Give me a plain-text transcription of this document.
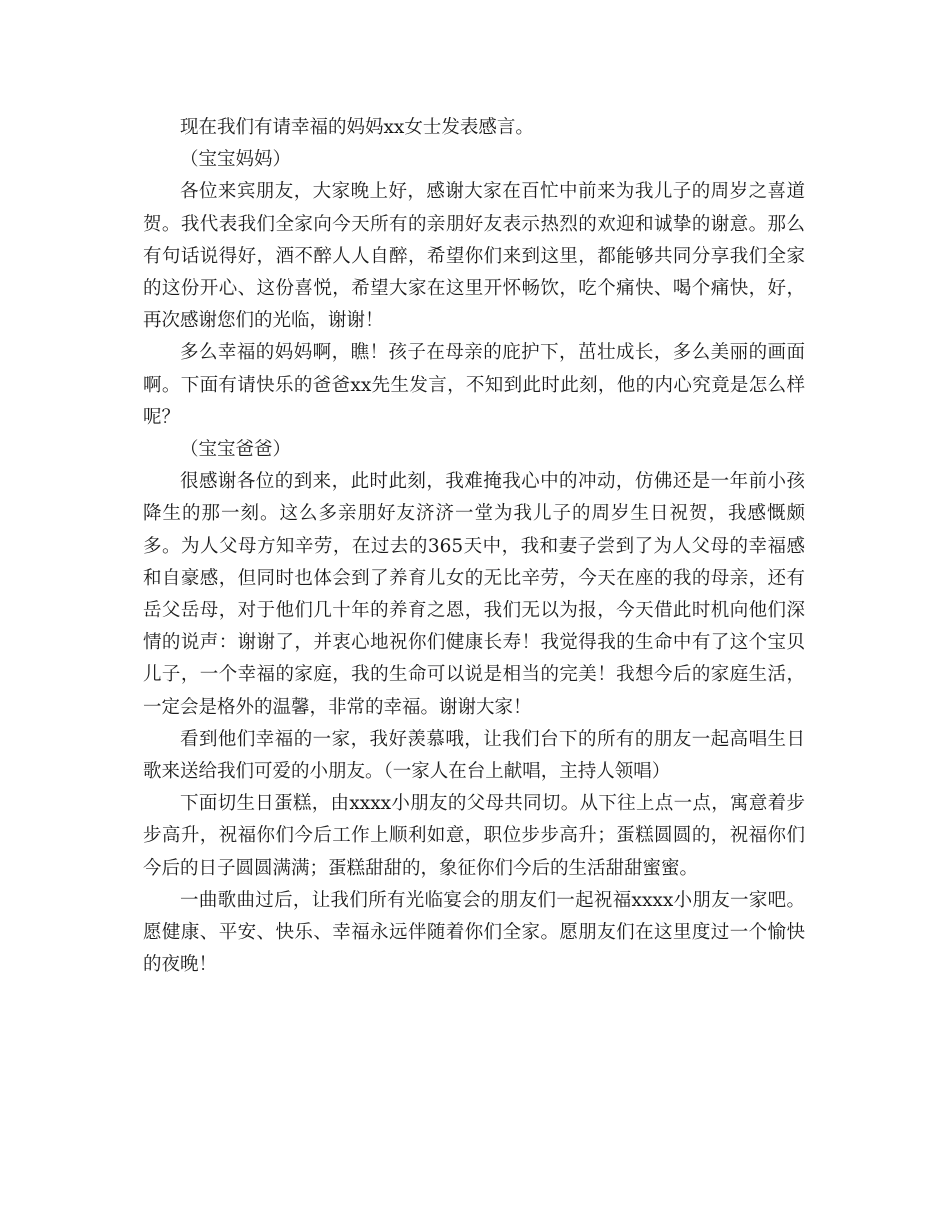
现在我们有请幸福的妈妈xx女士发表感言。

（宝宝妈妈）

各位来宾朋友，大家晚上好，感谢大家在百忙中前来为我儿子的周岁之喜道贺。我代表我们全家向今天所有的亲朋好友表示热烈的欢迎和诚挚的谢意。那么有句话说得好，酒不醉人人自醉，希望你们来到这里，都能够共同分享我们全家的这份开心、这份喜悦，希望大家在这里开怀畅饮，吃个痛快、喝个痛快，好，再次感谢您们的光临，谢谢！

多么幸福的妈妈啊，瞧！孩子在母亲的庇护下，茁壮成长，多么美丽的画面啊。下面有请快乐的爸爸xx先生发言，不知到此时此刻，他的内心究竟是怎么样呢？

（宝宝爸爸）

很感谢各位的到来，此时此刻，我难掩我心中的冲动，仿佛还是一年前小孩降生的那一刻。这么多亲朋好友济济一堂为我儿子的周岁生日祝贺，我感慨颇多。为人父母方知辛劳，在过去的365天中，我和妻子尝到了为人父母的幸福感和自豪感，但同时也体会到了养育儿女的无比辛劳，今天在座的我的母亲，还有岳父岳母，对于他们几十年的养育之恩，我们无以为报，今天借此时机向他们深情的说声：谢谢了，并衷心地祝你们健康长寿！我觉得我的生命中有了这个宝贝儿子，一个幸福的家庭，我的生命可以说是相当的完美！我想今后的家庭生活，一定会是格外的温馨，非常的幸福。谢谢大家！

看到他们幸福的一家，我好羡慕哦，让我们台下的所有的朋友一起高唱生日歌来送给我们可爱的小朋友。（一家人在台上献唱，主持人领唱）

下面切生日蛋糕，由xxxx小朋友的父母共同切。从下往上点一点，寓意着步步高升，祝福你们今后工作上顺利如意，职位步步高升；蛋糕圆圆的，祝福你们今后的日子圆圆满满；蛋糕甜甜的，象征你们今后的生活甜甜蜜蜜。

一曲歌曲过后，让我们所有光临宴会的朋友们一起祝福xxxx小朋友一家吧。愿健康、平安、快乐、幸福永远伴随着你们全家。愿朋友们在这里度过一个愉快的夜晚！
